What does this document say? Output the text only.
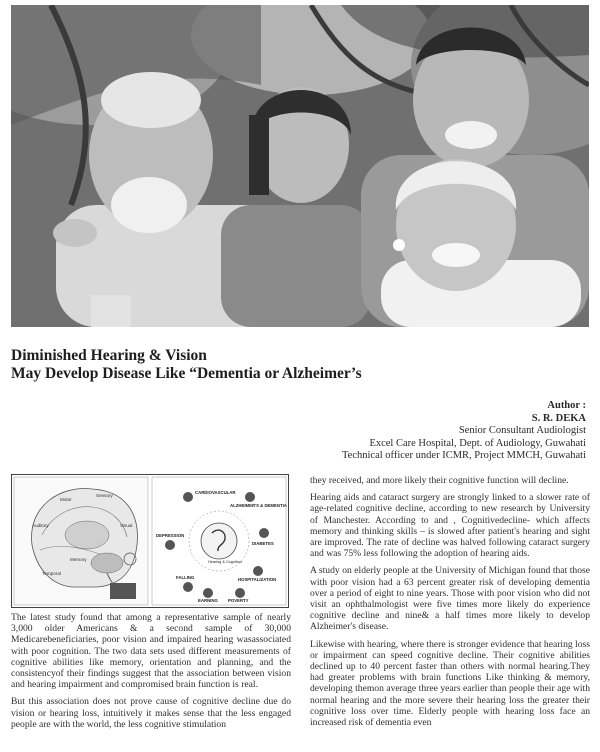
Diminished Hearing & Vision
May Develop Disease Like “Dementia or Alzheimer’s
Author :
S. R. DEKA
Senior Consultant Audiologist
Excel Care Hospital, Dept. of Audiology, Guwahati
Technical officer under ICMR, Project MMCH, Guwahati
Motor
Sensory
Auditory	Visual
Memory
Temporal
CARDIOVASCULAR
ALZHEIMER'S & DEMENTIA
DIABETES
HOSPITALIZATION
POVERTY
FALLING
DEPRESSION
EARNING
Hearing & Cognition

The latest study found that among a representative sample of nearly 3,000 older Americans & a second sample of 30,000 Medicarebeneficiaries, poor vision and impaired hearing wasassociated with poor cognition. The two data sets used different measurements of cognitive abilities like memory, orientation and planning, and the consistencyof their findings suggest that the association between vision and hearing impairment and compromised brain function is real.

But this association does not prove cause of cognitive decline due do vision or hearing loss, intuitively it makes sense that the less engaged people are with the world, the less cognitive stimulation

they received, and more likely their cognitive function will decline.

Hearing aids and cataract surgery are strongly linked to a slower rate of age-related cognitive decline, according to new research by University of Manchester. According to and , Cognitivedecline- which affects memory and thinking skills – is slowed after patient's hearing and sight are improved. The rate of decline was halved following cataract surgery and was 75% less following the adoption of hearing aids.

A study on elderly people at the University of Michigan found that those with poor vision had a 63 percent greater risk of developing dementia over a period of eight to nine years. Those with poor vision who did not visit an ophthalmologist were five times more likely do experience cognitive decline and nine& a half times more likely to develop Alzheimer's disease.

Likewise with hearing, where there is stronger evidence that hearing loss or impairment can speed cognitive decline. Their cognitive abilities declined up to 40 percent faster than others with normal hearing.They had greater problems with brain functions Like thinking & memory, developing themon average three years earlier than people their age with normal hearing and the more severe their hearing loss the greater their cognitive loss over time. Elderly people with hearing loss face an increased risk of dementia even
